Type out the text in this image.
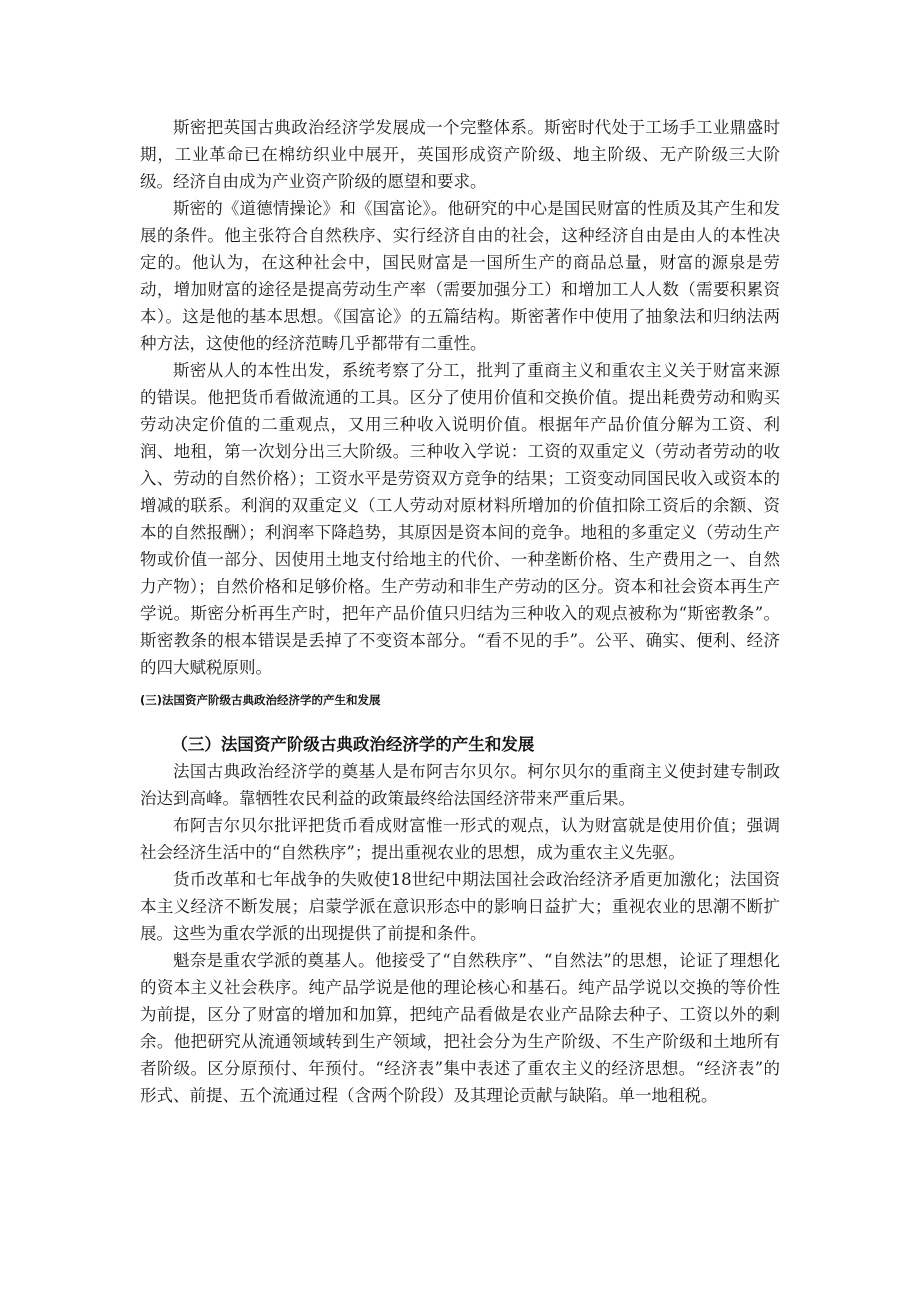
斯密把英国古典政治经济学发展成一个完整体系。斯密时代处于工场手工业鼎盛时期，工业革命已在棉纺织业中展开，英国形成资产阶级、地主阶级、无产阶级三大阶级。经济自由成为产业资产阶级的愿望和要求。

斯密的《道德情操论》和《国富论》。他研究的中心是国民财富的性质及其产生和发展的条件。他主张符合自然秩序、实行经济自由的社会，这种经济自由是由人的本性决定的。他认为，在这种社会中，国民财富是一国所生产的商品总量，财富的源泉是劳动，增加财富的途径是提高劳动生产率（需要加强分工）和增加工人人数（需要积累资本）。这是他的基本思想。《国富论》的五篇结构。斯密著作中使用了抽象法和归纳法两种方法，这使他的经济范畴几乎都带有二重性。

斯密从人的本性出发，系统考察了分工，批判了重商主义和重农主义关于财富来源的错误。他把货币看做流通的工具。区分了使用价值和交换价值。提出耗费劳动和购买劳动决定价值的二重观点，又用三种收入说明价值。根据年产品价值分解为工资、利润、地租，第一次划分出三大阶级。三种收入学说：工资的双重定义（劳动者劳动的收入、劳动的自然价格）；工资水平是劳资双方竞争的结果；工资变动同国民收入或资本的增减的联系。利润的双重定义（工人劳动对原材料所增加的价值扣除工资后的余额、资本的自然报酬）；利润率下降趋势，其原因是资本间的竞争。地租的多重定义（劳动生产物或价值一部分、因使用土地支付给地主的代价、一种垄断价格、生产费用之一、自然力产物）；自然价格和足够价格。生产劳动和非生产劳动的区分。资本和社会资本再生产学说。斯密分析再生产时，把年产品价值只归结为三种收入的观点被称为“斯密教条”。斯密教条的根本错误是丢掉了不变资本部分。“看不见的手”。公平、确实、便利、经济的四大赋税原则。

(三)法国资产阶级古典政治经济学的产生和发展
（三）法国资产阶级古典政治经济学的产生和发展

法国古典政治经济学的奠基人是布阿吉尔贝尔。柯尔贝尔的重商主义使封建专制政治达到高峰。靠牺牲农民利益的政策最终给法国经济带来严重后果。

布阿吉尔贝尔批评把货币看成财富惟一形式的观点，认为财富就是使用价值；强调社会经济生活中的“自然秩序”；提出重视农业的思想，成为重农主义先驱。

货币改革和七年战争的失败使18世纪中期法国社会政治经济矛盾更加激化；法国资本主义经济不断发展；启蒙学派在意识形态中的影响日益扩大；重视农业的思潮不断扩展。这些为重农学派的出现提供了前提和条件。

魁奈是重农学派的奠基人。他接受了“自然秩序”、“自然法”的思想，论证了理想化的资本主义社会秩序。纯产品学说是他的理论核心和基石。纯产品学说以交换的等价性为前提，区分了财富的增加和加算，把纯产品看做是农业产品除去种子、工资以外的剩余。他把研究从流通领域转到生产领域，把社会分为生产阶级、不生产阶级和土地所有者阶级。区分原预付、年预付。“经济表”集中表述了重农主义的经济思想。“经济表”的形式、前提、五个流通过程（含两个阶段）及其理论贡献与缺陷。单一地租税。
